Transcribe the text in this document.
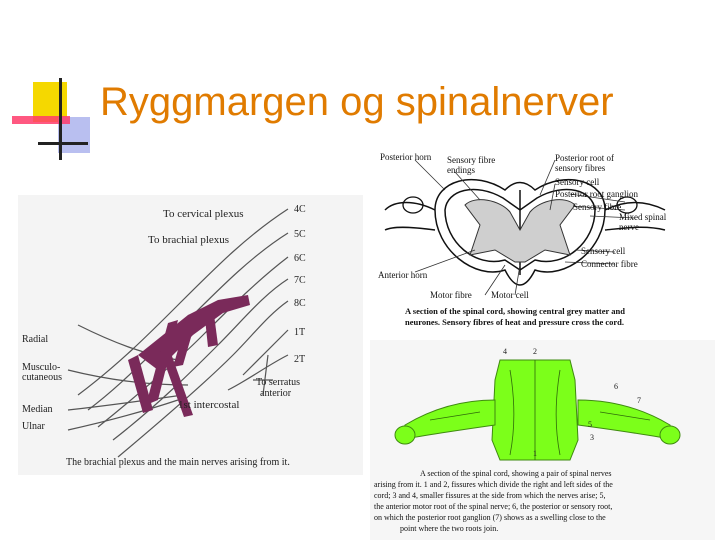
Ryggmargen og spinalnerver
To cervical plexus
To brachial plexus
4C
5C
6C
7C
8C
1T
2T
To serratus
anterior
1st intercostal
Radial
Musculo-
cutaneous
Median
Ulnar
The brachial plexus and the main nerves arising from it.
Posterior horn Sensory fibre
endings
Posterior root of
sensory fibres
Sensory cell
Posterior root ganglion
Sensory fibre
Mixed spinal
nerve
Sensory cell
Connector fibre
Anterior horn
Motor fibre Motor cell
A section of the spinal cord, showing central grey matter and
neurones. Sensory fibres of heat and pressure cross the cord.
4	2
6
7
5
3
1
A section of the spinal cord, showing a pair of spinal nerves
arising from it. 1 and 2, fissures which divide the right and left sides of the
cord; 3 and 4, smaller fissures at the side from which the nerves arise; 5,
the anterior motor root of the spinal nerve; 6, the posterior or sensory root,
on which the posterior root ganglion (7) shows as a swelling close to the
point where the two roots join.
